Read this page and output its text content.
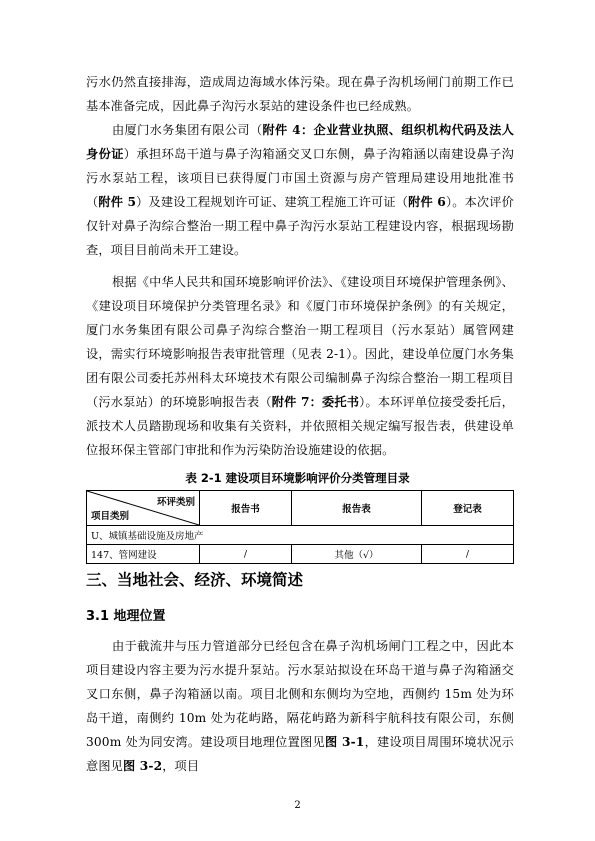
污水仍然直接排海，造成周边海域水体污染。现在鼻子沟机场闸门前期工作已基本准备完成，因此鼻子沟污水泵站的建设条件也已经成熟。

由厦门水务集团有限公司（附件 4：企业营业执照、组织机构代码及法人身份证）承担环岛干道与鼻子沟箱涵交叉口东侧，鼻子沟箱涵以南建设鼻子沟污水泵站工程，该项目已获得厦门市国土资源与房产管理局建设用地批准书（附件 5）及建设工程规划许可证、建筑工程施工许可证（附件 6）。本次评价仅针对鼻子沟综合整治一期工程中鼻子沟污水泵站工程建设内容，根据现场勘查，项目目前尚未开工建设。

根据《中华人民共和国环境影响评价法》、《建设项目环境保护管理条例》、《建设项目环境保护分类管理名录》和《厦门市环境保护条例》的有关规定，厦门水务集团有限公司鼻子沟综合整治一期工程项目（污水泵站）属管网建设，需实行环境影响报告表审批管理（见表 2-1）。因此，建设单位厦门水务集团有限公司委托苏州科太环境技术有限公司编制鼻子沟综合整治一期工程项目（污水泵站）的环境影响报告表（附件 7：委托书）。本环评单位接受委托后，派技术人员踏勘现场和收集有关资料，并依照相关规定编写报告表，供建设单位报环保主管部门审批和作为污染防治设施建设的依据。

表 2-1 建设项目环境影响评价分类管理目录
环评类别
项目类别	报告书	报告表	登记表
U、城镇基础设施及房地产			
147、管网建设	/	其他（√）	/
三、当地社会、经济、环境简述
3.1 地理位置

由于截流井与压力管道部分已经包含在鼻子沟机场闸门工程之中，因此本项目建设内容主要为污水提升泵站。污水泵站拟设在环岛干道与鼻子沟箱涵交叉口东侧，鼻子沟箱涵以南。项目北侧和东侧均为空地，西侧约 15m 处为环岛干道，南侧约 10m 处为花屿路，隔花屿路为新科宇航科技有限公司，东侧 300m 处为同安湾。建设项目地理位置图见图 3-1，建设项目周围环境状况示意图见图 3-2，项目

2
